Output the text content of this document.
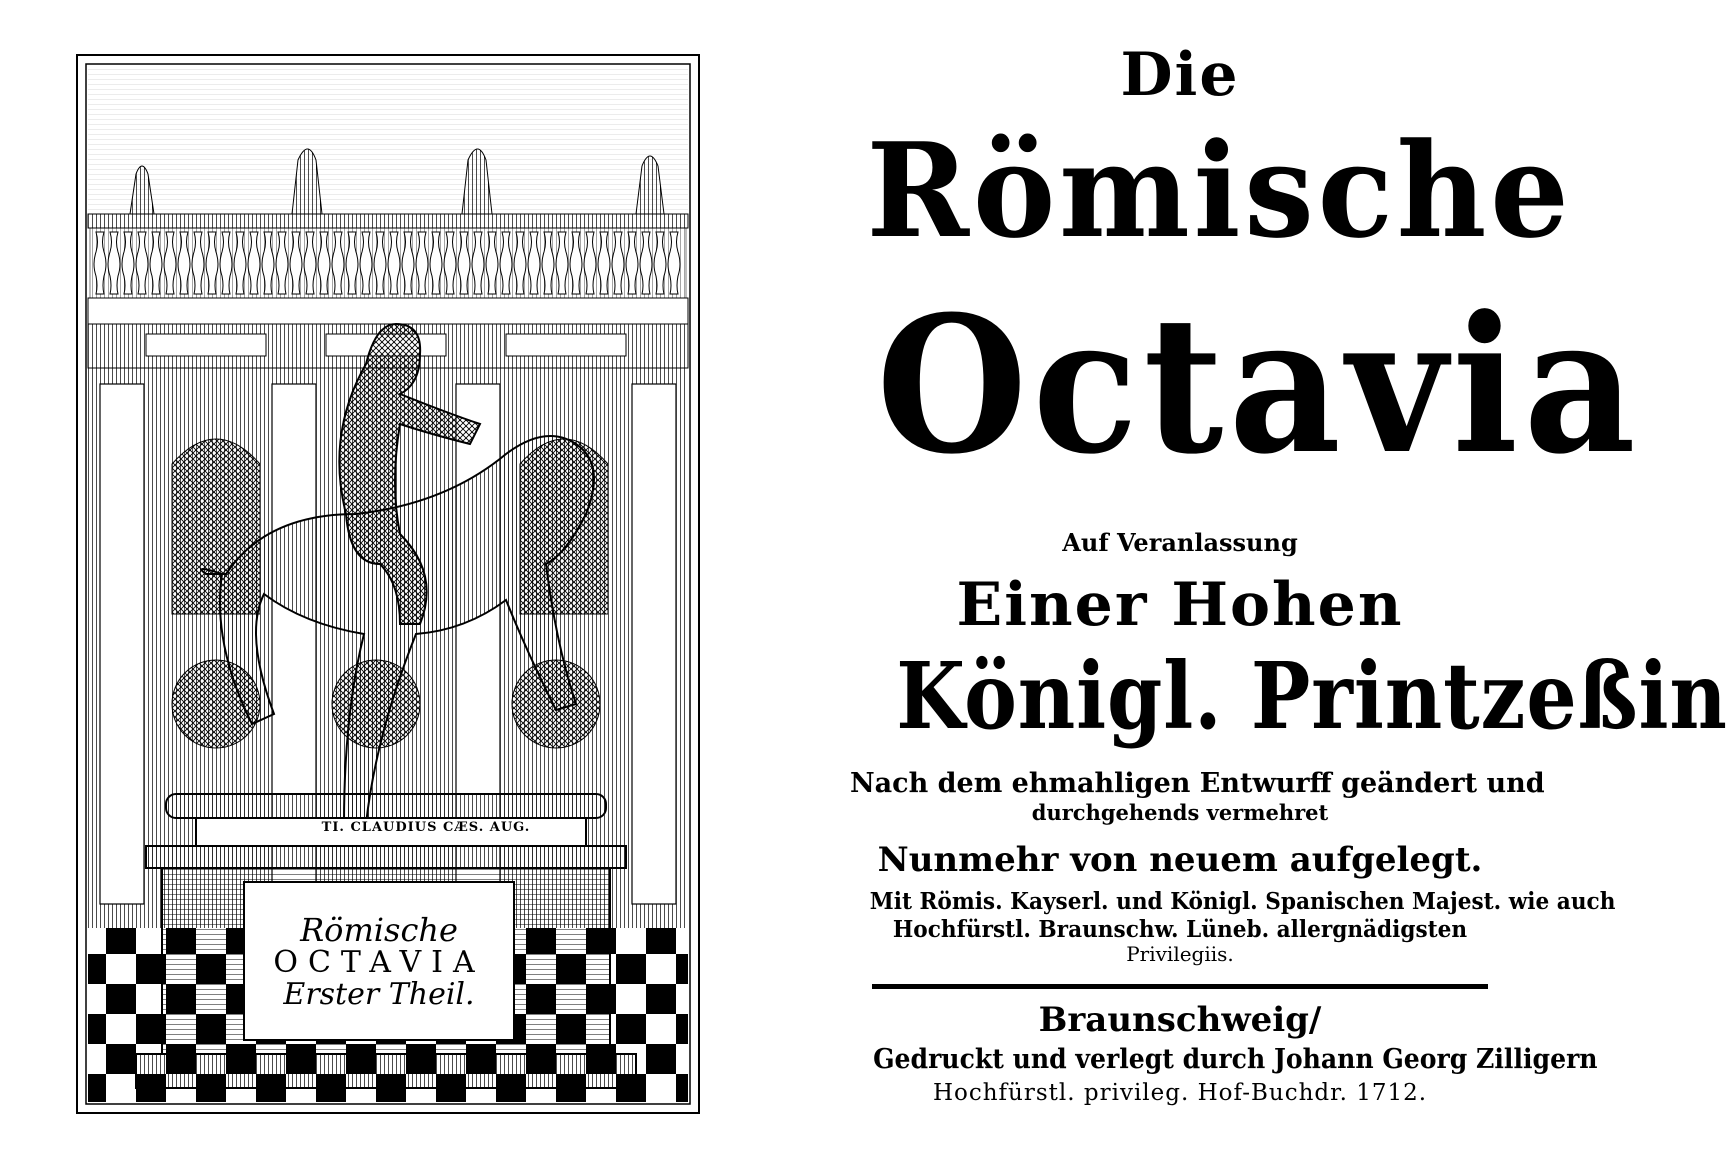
TI. CLAUDIUS CÆS. AUG.
Römische
OCTAVIA
Erster Theil.
Die
Römische
Octavia
Auf Veranlassung
Einer Hohen
Königl. Printzeßin
Nach dem ehmahligen Entwurff geändert und
durchgehends vermehret
Nunmehr von neuem aufgelegt.
Mit Römis. Kayserl. und Königl. Spanischen Majest. wie auch
Hochfürstl. Braunschw. Lüneb. allergnädigsten
Privilegiis.
Braunschweig/
Gedruckt und verlegt durch Johann Georg Zilligern
Hochfürstl. privileg. Hof-Buchdr. 1712.
